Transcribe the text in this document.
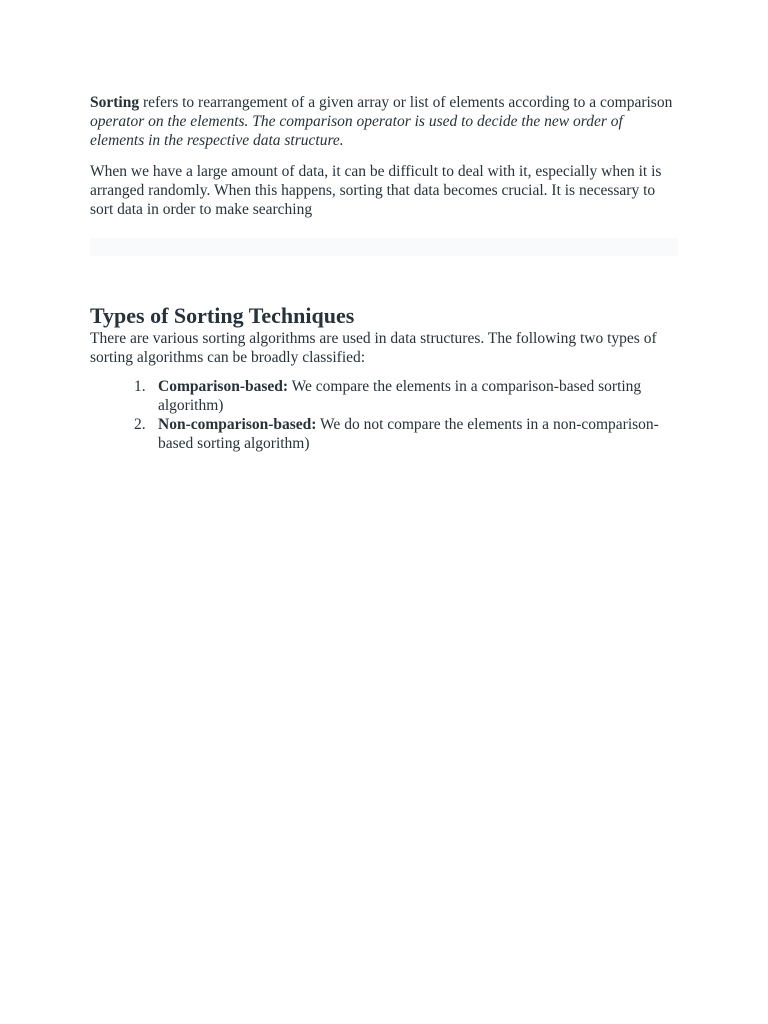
Sorting refers to rearrangement of a given array or list of elements according to a comparison operator on the elements. The comparison operator is used to decide the new order of elements in the respective data structure.

When we have a large amount of data, it can be difficult to deal with it, especially when it is arranged randomly. When this happens, sorting that data becomes crucial. It is necessary to sort data in order to make searching

Types of Sorting Techniques

There are various sorting algorithms are used in data structures. The following two types of sorting algorithms can be broadly classified:

1. Comparison-based: We compare the elements in a comparison-based sorting algorithm)
2. Non-comparison-based: We do not compare the elements in a non-comparison-based sorting algorithm)
